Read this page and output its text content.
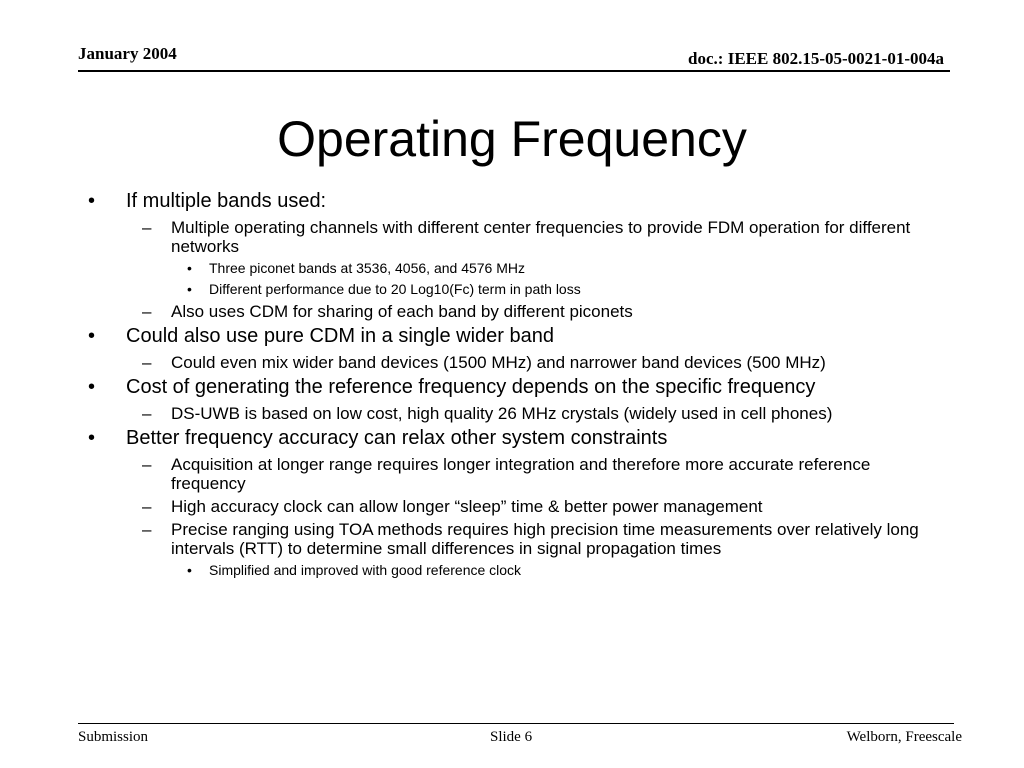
January 2004	doc.: IEEE 802.15-05-0021-01-004a
Operating Frequency
• If multiple bands used:
– Multiple operating channels with different center frequencies to provide FDM operation for different networks
• Three piconet bands at 3536, 4056, and 4576 MHz
• Different performance due to 20 Log10(Fc) term in path loss
– Also uses CDM for sharing of each band by different piconets
• Could also use pure CDM in a single wider band
– Could even mix wider band devices (1500 MHz) and narrower band devices (500 MHz)
• Cost of generating the reference frequency depends on the specific frequency
– DS-UWB is based on low cost, high quality 26 MHz crystals (widely used in cell phones)
• Better frequency accuracy can relax other system constraints
– Acquisition at longer range requires longer integration and therefore more accurate reference frequency
– High accuracy clock can allow longer “sleep” time & better power management
– Precise ranging using TOA methods requires high precision time measurements over relatively long intervals (RTT) to determine small differences in signal propagation times
• Simplified and improved with good reference clock
Submission	Slide 6	Welborn, Freescale
